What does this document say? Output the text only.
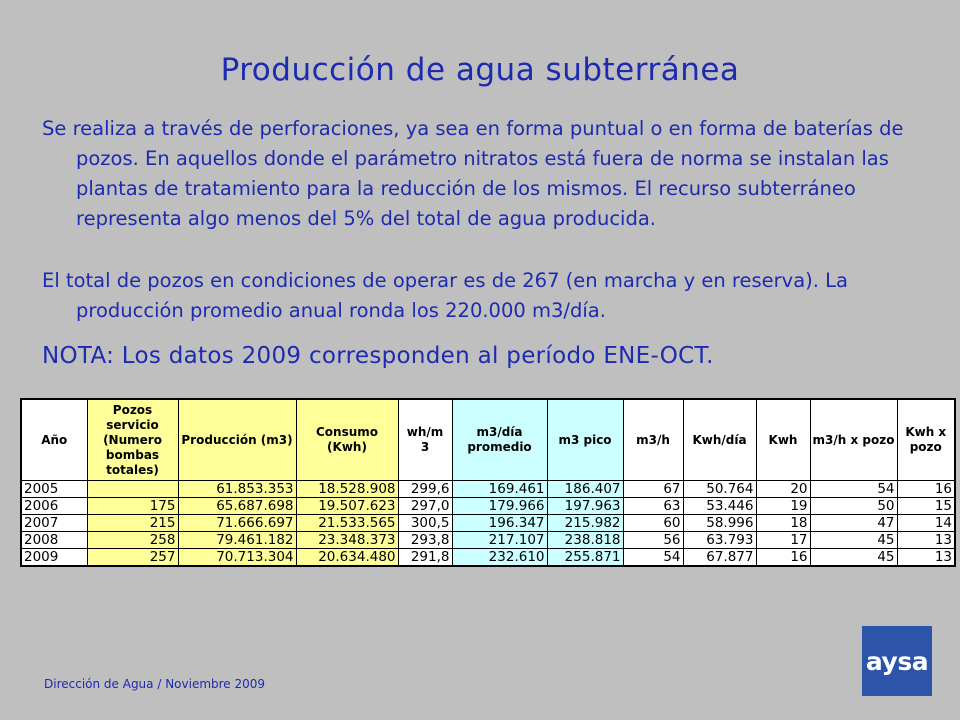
Producción de agua subterránea
Se realiza a través de perforaciones, ya sea en forma puntual o en forma de baterías de pozos. En aquellos donde el parámetro nitratos está fuera de norma se instalan las plantas de tratamiento para la reducción de los mismos. El recurso subterráneo representa algo menos del 5% del total de agua producida.
El total de pozos en condiciones de operar es de 267 (en marcha y en reserva). La producción promedio anual ronda los 220.000 m3/día.
NOTA: Los datos 2009 corresponden al período ENE-OCT.
Año	Pozos servicio (Numero bombas totales)	Producción (m3)	Consumo (Kwh)	wh/m 3	m3/día promedio	m3 pico	m3/h	Kwh/día	Kwh	m3/h x pozo	Kwh x pozo
2005		61.853.353	18.528.908	299,6	169.461	186.407	67	50.764	20	54	16
2006	175	65.687.698	19.507.623	297,0	179.966	197.963	63	53.446	19	50	15
2007	215	71.666.697	21.533.565	300,5	196.347	215.982	60	58.996	18	47	14
2008	258	79.461.182	23.348.373	293,8	217.107	238.818	56	63.793	17	45	13
2009	257	70.713.304	20.634.480	291,8	232.610	255.871	54	67.877	16	45	13
Dirección de Agua / Noviembre 2009
aysa
